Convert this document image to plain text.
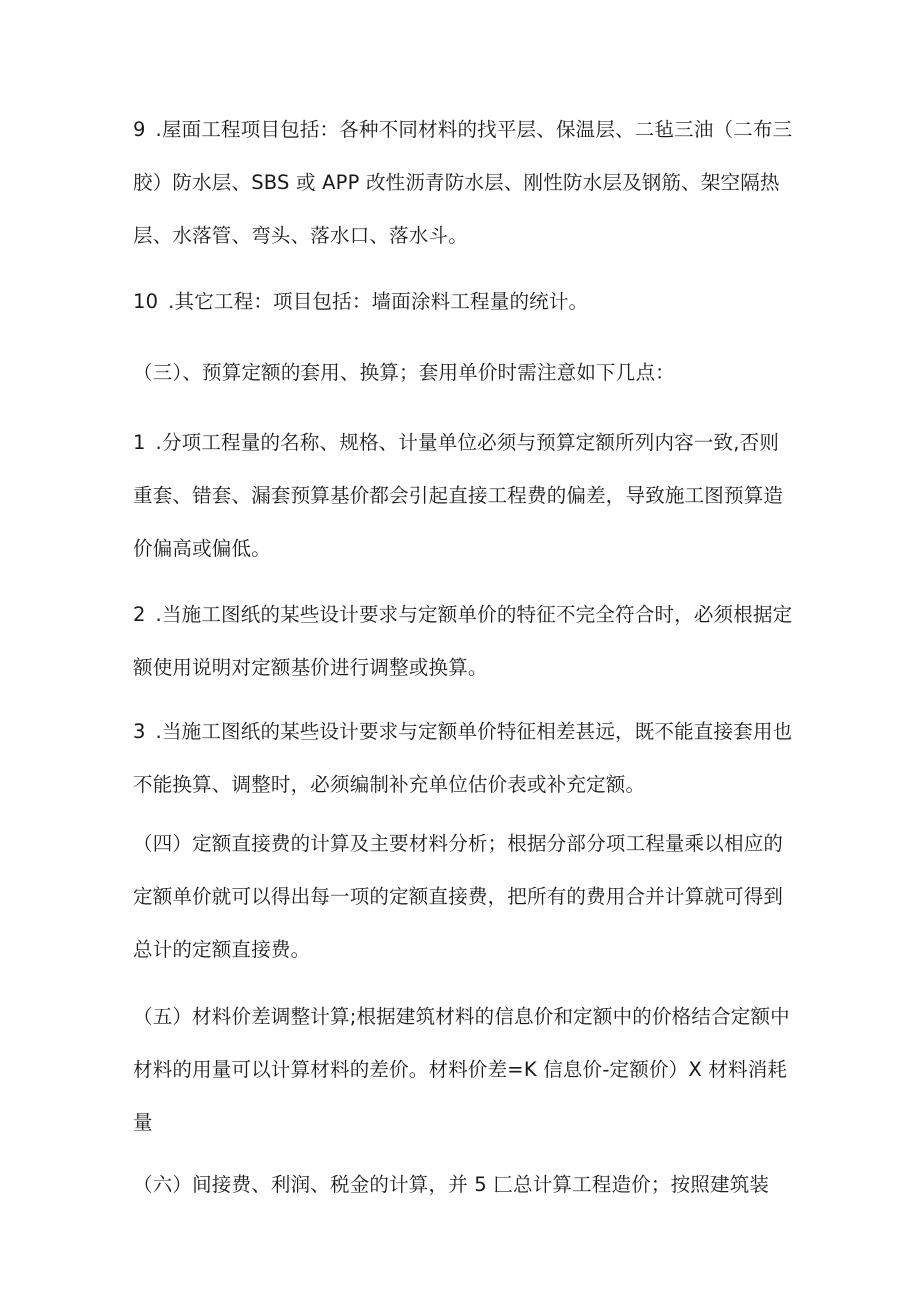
9 .屋面工程项目包括：各种不同材料的找平层、保温层、二毡三油（二布三胶）防水层、SBS 或 APP 改性沥青防水层、刚性防水层及钢筋、架空隔热层、水落管、弯头、落水口、落水斗。

10 .其它工程：项目包括：墙面涂料工程量的统计。

（三）、预算定额的套用、换算；套用单价时需注意如下几点：

1 .分项工程量的名称、规格、计量单位必须与预算定额所列内容一致,否则重套、错套、漏套预算基价都会引起直接工程费的偏差，导致施工图预算造价偏高或偏低。

2 .当施工图纸的某些设计要求与定额单价的特征不完全符合时，必须根据定额使用说明对定额基价进行调整或换算。

3 .当施工图纸的某些设计要求与定额单价特征相差甚远，既不能直接套用也不能换算、调整时，必须编制补充单位估价表或补充定额。

（四）定额直接费的计算及主要材料分析；根据分部分项工程量乘以相应的定额单价就可以得出每一项的定额直接费，把所有的费用合并计算就可得到总计的定额直接费。

（五）材料价差调整计算;根据建筑材料的信息价和定额中的价格结合定额中材料的用量可以计算材料的差价。材料价差=K 信息价-定额价）X 材料消耗量

（六）间接费、利润、税金的计算，并 5 匚总计算工程造价；按照建筑装
